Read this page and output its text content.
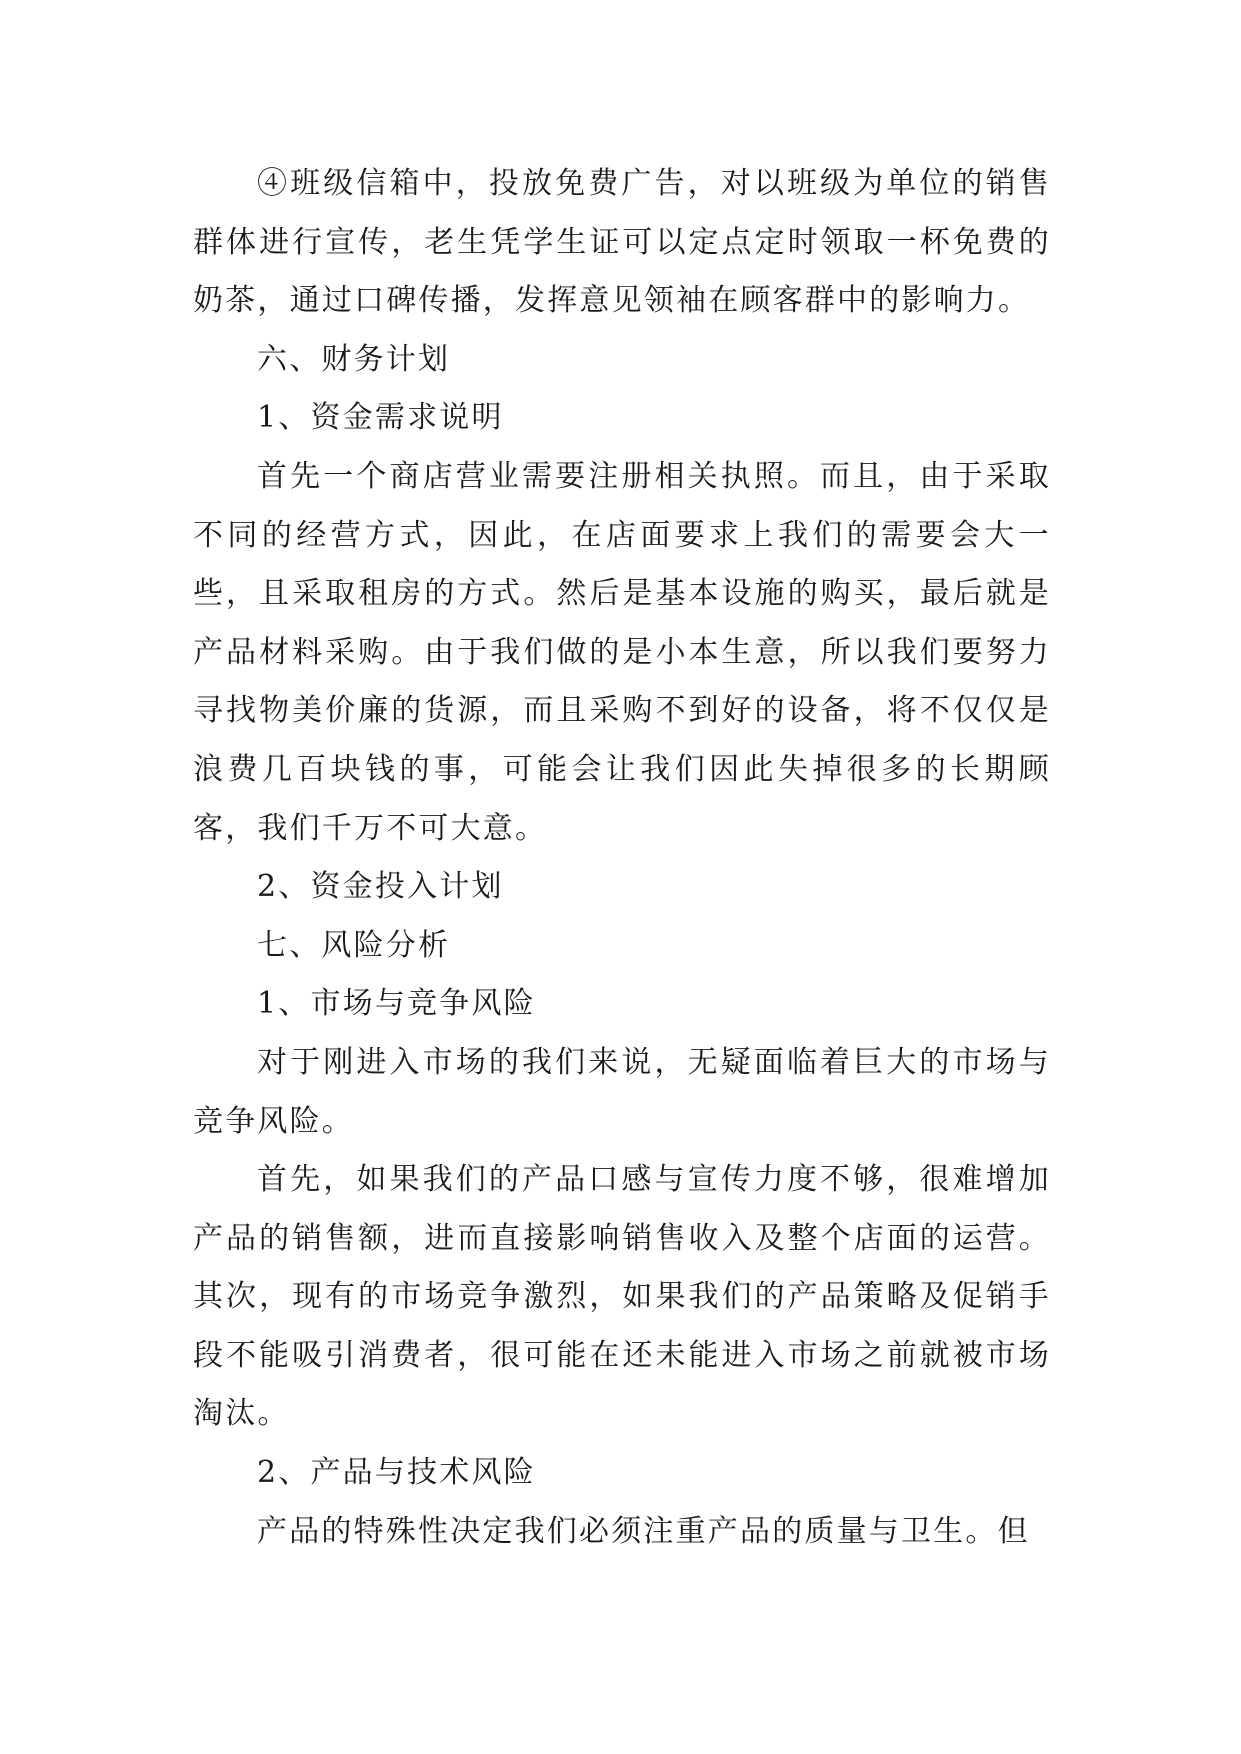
④班级信箱中，投放免费广告，对以班级为单位的销售群体进行宣传，老生凭学生证可以定点定时领取一杯免费的奶茶，通过口碑传播，发挥意见领袖在顾客群中的影响力。

六、财务计划

1、资金需求说明

首先一个商店营业需要注册相关执照。而且，由于采取不同的经营方式，因此，在店面要求上我们的需要会大一些，且采取租房的方式。然后是基本设施的购买，最后就是产品材料采购。由于我们做的是小本生意，所以我们要努力寻找物美价廉的货源，而且采购不到好的设备，将不仅仅是浪费几百块钱的事，可能会让我们因此失掉很多的长期顾客，我们千万不可大意。

2、资金投入计划

七、风险分析

1、市场与竞争风险

对于刚进入市场的我们来说，无疑面临着巨大的市场与竞争风险。

首先，如果我们的产品口感与宣传力度不够，很难增加产品的销售额，进而直接影响销售收入及整个店面的运营。其次，现有的市场竞争激烈，如果我们的产品策略及促销手段不能吸引消费者，很可能在还未能进入市场之前就被市场淘汰。

2、产品与技术风险

产品的特殊性决定我们必须注重产品的质量与卫生。但
